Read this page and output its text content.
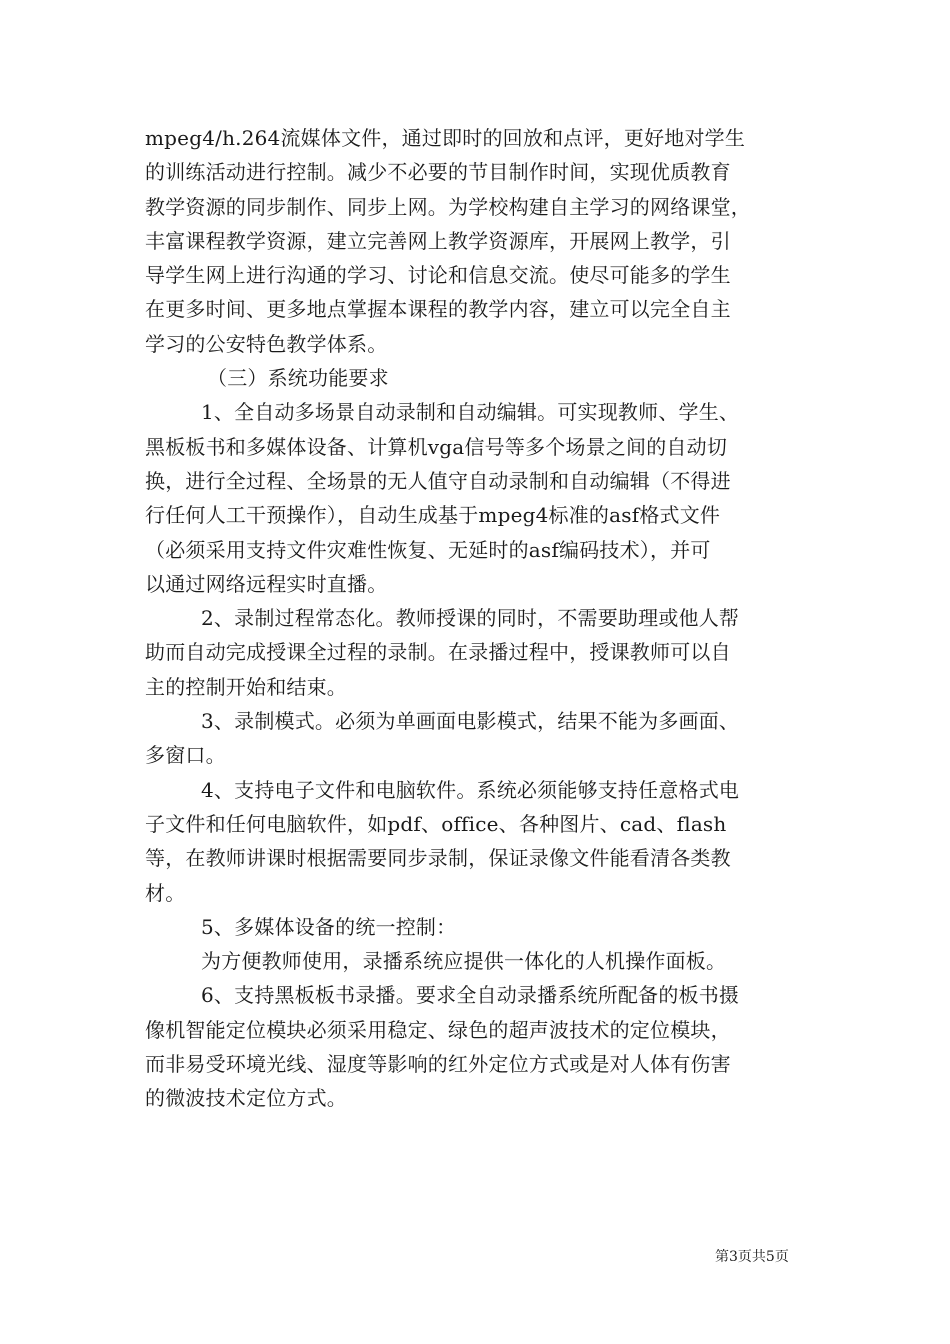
mpeg4/h.264流媒体文件，通过即时的回放和点评，更好地对学生
的训练活动进行控制。减少不必要的节目制作时间，实现优质教育
教学资源的同步制作、同步上网。为学校构建自主学习的网络课堂，
丰富课程教学资源，建立完善网上教学资源库，开展网上教学，引
导学生网上进行沟通的学习、讨论和信息交流。使尽可能多的学生
在更多时间、更多地点掌握本课程的教学内容，建立可以完全自主
学习的公安特色教学体系。
（三）系统功能要求
1、全自动多场景自动录制和自动编辑。可实现教师、学生、
黑板板书和多媒体设备、计算机vga信号等多个场景之间的自动切
换，进行全过程、全场景的无人值守自动录制和自动编辑（不得进
行任何人工干预操作），自动生成基于mpeg4标准的asf格式文件
（必须采用支持文件灾难性恢复、无延时的asf编码技术），并可
以通过网络远程实时直播。
2、录制过程常态化。教师授课的同时，不需要助理或他人帮
助而自动完成授课全过程的录制。在录播过程中，授课教师可以自
主的控制开始和结束。
3、录制模式。必须为单画面电影模式，结果不能为多画面、
多窗口。
4、支持电子文件和电脑软件。系统必须能够支持任意格式电
子文件和任何电脑软件，如pdf、office、各种图片、cad、flash
等，在教师讲课时根据需要同步录制，保证录像文件能看清各类教
材。
5、多媒体设备的统一控制：
为方便教师使用，录播系统应提供一体化的人机操作面板。
6、支持黑板板书录播。要求全自动录播系统所配备的板书摄
像机智能定位模块必须采用稳定、绿色的超声波技术的定位模块，
而非易受环境光线、湿度等影响的红外定位方式或是对人体有伤害
的微波技术定位方式。
第3页共5页
